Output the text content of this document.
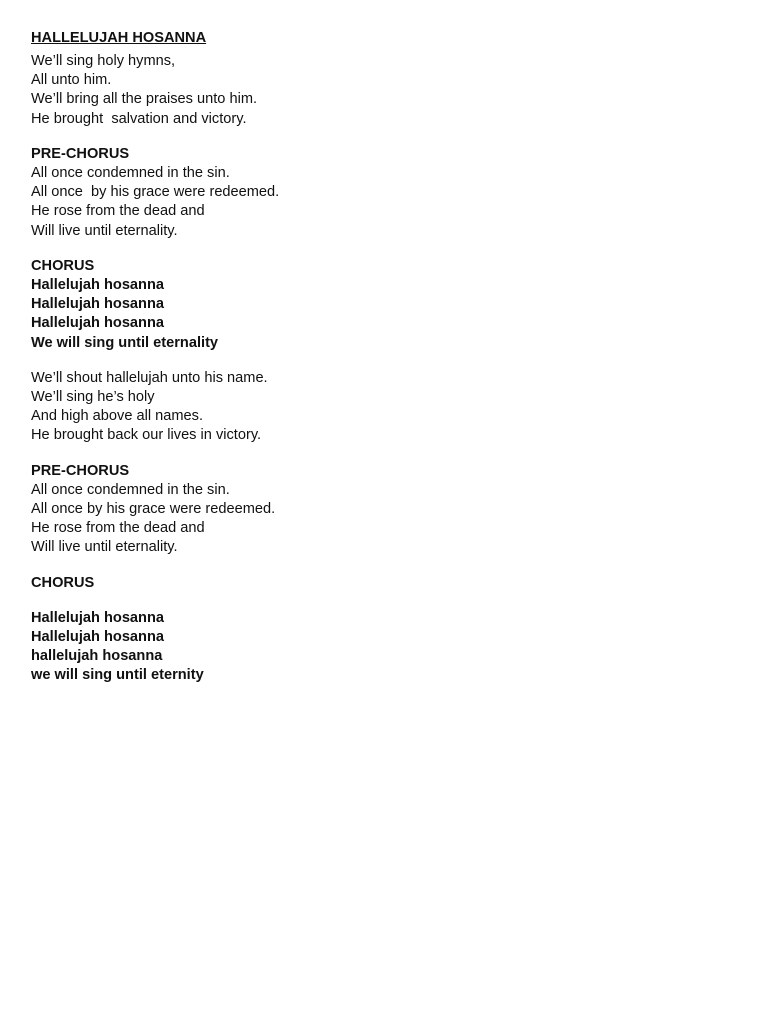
HALLELUJAH HOSANNA
We’ll sing holy hymns,
All unto him.
We’ll bring all the praises unto him.
He brought  salvation and victory.
PRE-CHORUS
All once condemned in the sin.
All once  by his grace were redeemed.
He rose from the dead and
Will live until eternality.
CHORUS
Hallelujah hosanna
Hallelujah hosanna
Hallelujah hosanna
We will sing until eternality
We’ll shout hallelujah unto his name.
We’ll sing he’s holy
And high above all names.
He brought back our lives in victory.
PRE-CHORUS
All once condemned in the sin.
All once by his grace were redeemed.
He rose from the dead and
Will live until eternality.
CHORUS
Hallelujah hosanna
Hallelujah hosanna
hallelujah hosanna
we will sing until eternity
